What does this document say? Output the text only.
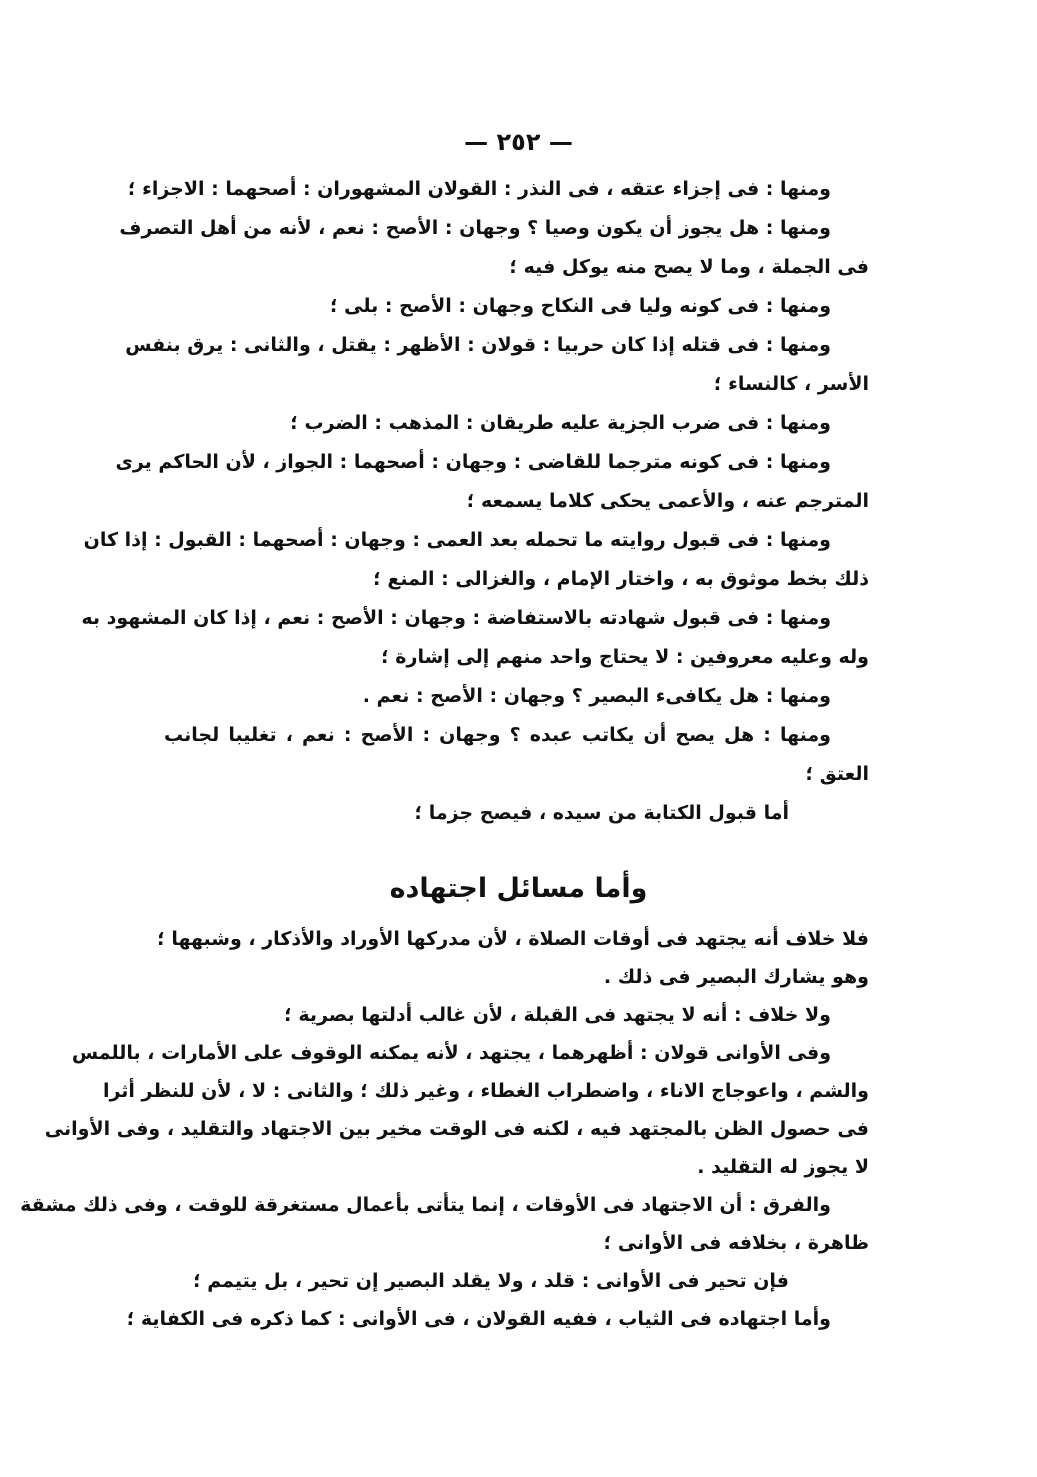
— ٢٥٢ —
ومنها : فى إجزاء عتقه ، فى النذر : القولان المشهوران : أصحهما : الاجزاء ؛
ومنها : هل يجوز أن يكون وصيا ؟ وجهان : الأصح : نعم ، لأنه من أهل التصرف
فى الجملة ، وما لا يصح منه يوكل فيه ؛
ومنها : فى كونه وليا فى النكاح وجهان : الأصح : بلى ؛
ومنها : فى قتله إذا كان حربيا : قولان : الأظهر : يقتل ، والثانى : يرق بنفس
الأسر ، كالنساء ؛
ومنها : فى ضرب الجزية عليه طريقان : المذهب : الضرب ؛
ومنها : فى كونه مترجما للقاضى : وجهان : أصحهما : الجواز ، لأن الحاكم يرى
المترجم عنه ، والأعمى يحكى كلاما يسمعه ؛
ومنها : فى قبول روايته ما تحمله بعد العمى : وجهان : أصحهما : القبول : إذا كان
ذلك بخط موثوق به ، واختار الإمام ، والغزالى : المنع ؛
ومنها : فى قبول شهادته بالاستفاضة : وجهان : الأصح : نعم ، إذا كان المشهود به
وله وعليه معروفين : لا يحتاج واحد منهم إلى إشارة ؛
ومنها : هل يكافىء البصير ؟ وجهان : الأصح : نعم .
ومنها : هل يصح أن يكاتب عبده ؟ وجهان : الأصح : نعم ، تغليبا لجانب
العتق ؛
أما قبول الكتابة من سيده ، فيصح جزما ؛
وأما مسائل اجتهاده
فلا خلاف أنه يجتهد فى أوقات الصلاة ، لأن مدركها الأوراد والأذكار ، وشبهها ؛
وهو يشارك البصير فى ذلك .
ولا خلاف : أنه لا يجتهد فى القبلة ، لأن غالب أدلتها بصرية ؛
وفى الأوانى قولان : أظهرهما ، يجتهد ، لأنه يمكنه الوقوف على الأمارات ، باللمس
والشم ، واعوجاج الاناء ، واضطراب الغطاء ، وغير ذلك ؛ والثانى : لا ، لأن للنظر أثرا
فى حصول الظن بالمجتهد فيه ، لكنه فى الوقت مخير بين الاجتهاد والتقليد ، وفى الأوانى
لا يجوز له التقليد .
والفرق : أن الاجتهاد فى الأوقات ، إنما يتأتى بأعمال مستغرقة للوقت ، وفى ذلك مشقة
ظاهرة ، بخلافه فى الأوانى ؛
فإن تحير فى الأوانى : قلد ، ولا يقلد البصير إن تحير ، بل يتيمم ؛
وأما اجتهاده فى الثياب ، ففيه القولان ، فى الأوانى : كما ذكره فى الكفاية ؛
